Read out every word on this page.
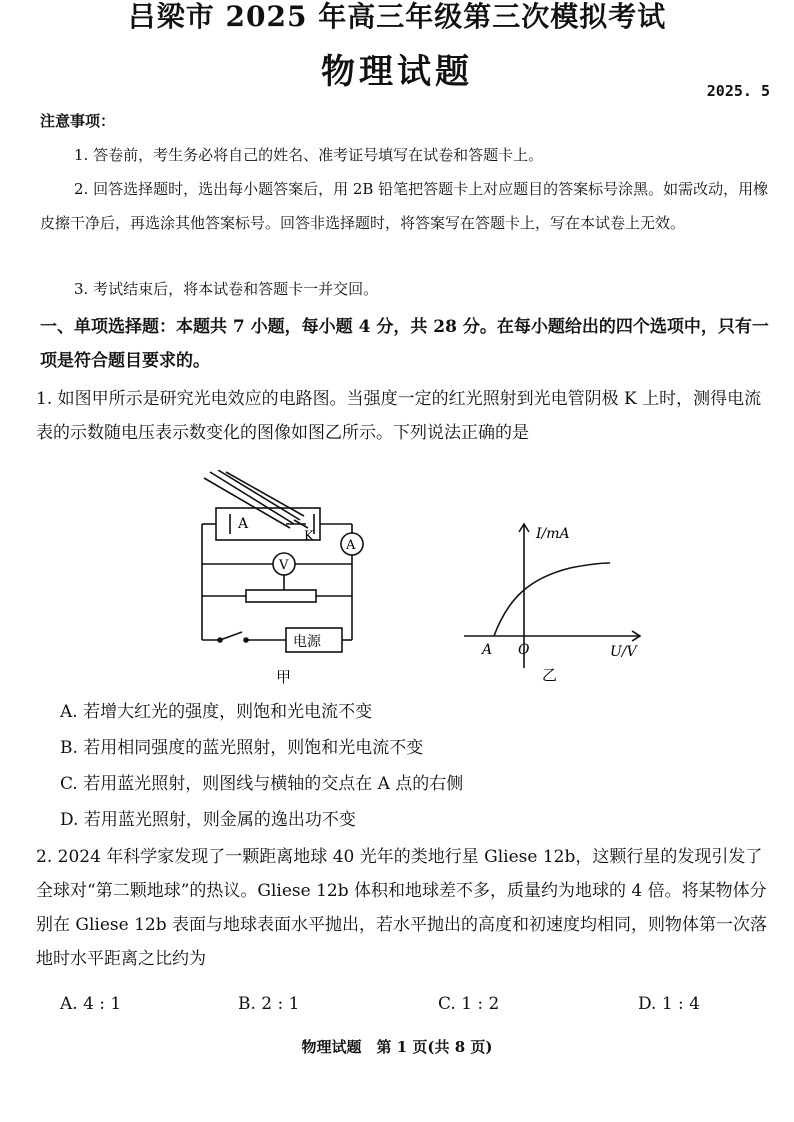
吕梁市 2025 年高三年级第三次模拟考试
物理试题	2025. 5
注意事项：
1. 答卷前，考生务必将自己的姓名、准考证号填写在试卷和答题卡上。
2. 回答选择题时，选出每小题答案后，用 2B 铅笔把答题卡上对应题目的答案标号涂黑。如需改动，用橡皮擦干净后，再选涂其他答案标号。回答非选择题时，将答案写在答题卡上，写在本试卷上无效。
3. 考试结束后，将本试卷和答题卡一并交回。
一、单项选择题：本题共 7 小题，每小题 4 分，共 28 分。在每小题给出的四个选项中，只有一项是符合题目要求的。
1. 如图甲所示是研究光电效应的电路图。当强度一定的红光照射到光电管阴极 K 上时，测得电流表的示数随电压表示数变化的图像如图乙所示。下列说法正确的是
A
K
A
V
电源
甲
I/mA
U/V
A O
乙
A. 若增大红光的强度，则饱和光电流不变
B. 若用相同强度的蓝光照射，则饱和光电流不变
C. 若用蓝光照射，则图线与横轴的交点在 A 点的右侧
D. 若用蓝光照射，则金属的逸出功不变
2. 2024 年科学家发现了一颗距离地球 40 光年的类地行星 Gliese 12b，这颗行星的发现引发了全球对“第二颗地球”的热议。Gliese 12b 体积和地球差不多，质量约为地球的 4 倍。将某物体分别在 Gliese 12b 表面与地球表面水平抛出，若水平抛出的高度和初速度均相同，则物体第一次落地时水平距离之比约为
A. 4 : 1	B. 2 : 1	C. 1 : 2	D. 1 : 4
物理试题　第 1 页(共 8 页)
